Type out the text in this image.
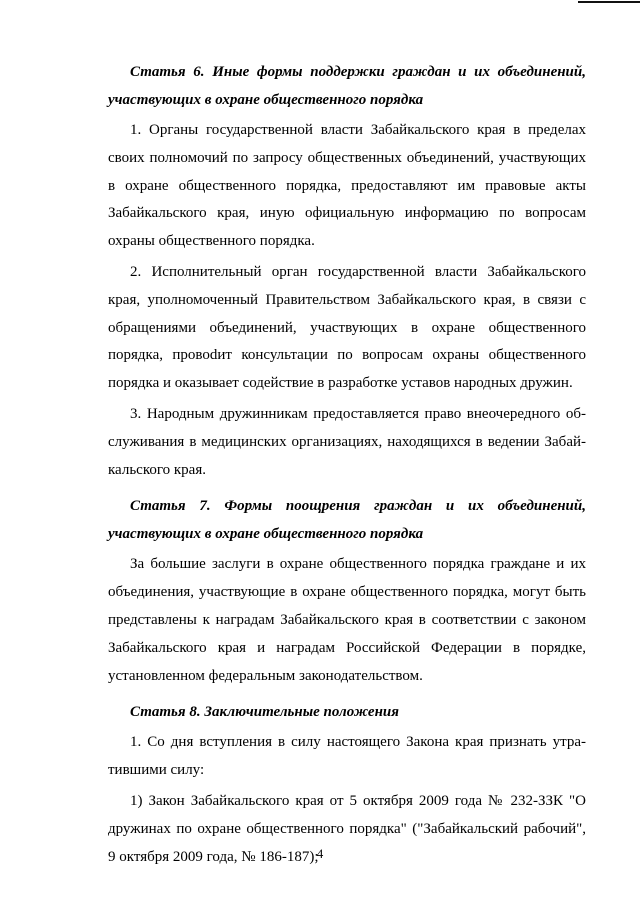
Статья 6. Иные формы поддержки граждан и их объединений, участвующих в охране общественного порядка

1. Органы государственной власти Забайкальского края в пределах своих полномочий по запросу общественных объединений, участвующих в охране общественного порядка, предоставляют им правовые акты Забайкальского края, иную официальную информацию по вопросам охраны общественного порядка.

2. Исполнительный орган государственной власти Забайкальского края, уполномоченный Правительством Забайкальского края, в связи с обращениями объединений, участвующих в охране общественного порядка, провоdит консультации по вопросам охраны общественного порядка и оказывает содействие в разработке уставов народных дружин.

3. Народным дружинникам предоставляется право внеочередного обслуживания в медицинских организациях, находящихся в ведении Забайкальского края.

Статья 7. Формы поощрения граждан и их объединений, участвующих в охране общественного порядка

За большие заслуги в охране общественного порядка граждане и их объединения, участвующие в охране общественного порядка, могут быть представлены к наградам Забайкальского края в соответствии с законом Забайкальского края и наградам Российской Федерации в порядке, установленном федеральным законодательством.

Статья 8. Заключительные положения

1. Со дня вступления в силу настоящего Закона края признать утратившими силу:

1) Закон Забайкальского края от 5 октября 2009 года № 232-ЗЗК "О дружинах по охране общественного порядка" ("Забайкальский рабочий", 9 октября 2009 года, № 186-187);

4
